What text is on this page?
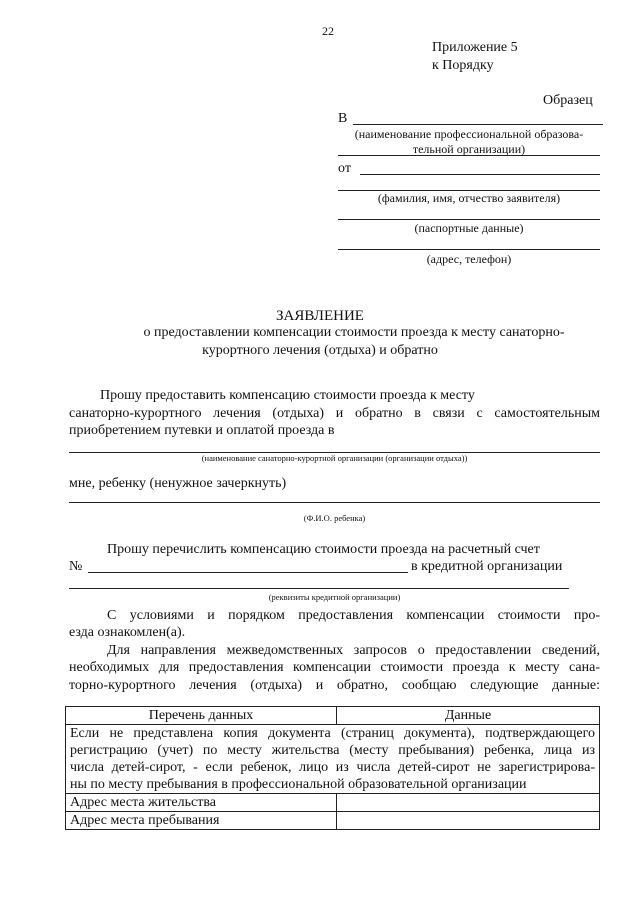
22
Приложение 5
к Порядку
Образец
В
(наименование профессиональной образова-
тельной организации)
от
(фамилия, имя, отчество заявителя)
(паспортные данные)
(адрес, телефон)
ЗАЯВЛЕНИЕ
о предоставлении компенсации стоимости проезда к месту санаторно-
курортного лечения (отдыха) и обратно
Прошу предоставить компенсацию стоимости проезда к месту
санаторно-курортного лечения (отдыха) и обратно в связи с самостоятельным
приобретением путевки и оплатой проезда в
(наименование санаторно-курортной организации (организации отдыха))
мне, ребенку (ненужное зачеркнуть)
(Ф.И.О. ребенка)
Прошу перечислить компенсацию стоимости проезда на расчетный счет
№	в кредитной организации
(реквизиты кредитной организации)
С условиями и порядком предоставления компенсации стоимости про-
езда ознакомлен(а).
Для направления межведомственных запросов о предоставлении сведений,
необходимых для предоставления компенсации стоимости проезда к месту сана-
торно-курортного лечения (отдыха) и обратно, сообщаю следующие данные:
Перечень данных	Данные

Если не представлена копия документа (страниц документа), подтверждающего
регистрацию (учет) по месту жительства (месту пребывания) ребенка, лица из
числа детей-сирот, - если ребенок, лицо из числа детей-сирот не зарегистрирова-
ны по месту пребывания в профессиональной образовательной организации	

Адрес места жительства	
Адрес места пребывания	
